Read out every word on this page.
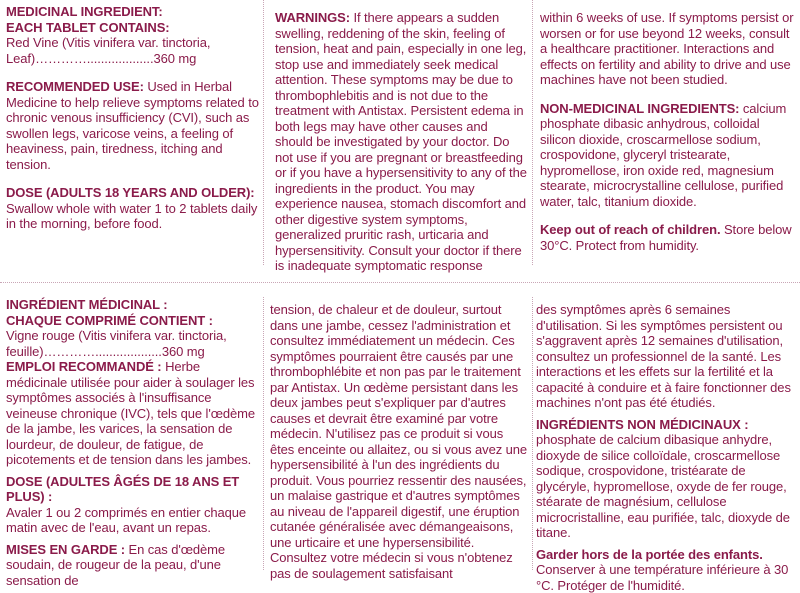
MEDICINAL INGREDIENT:

EACH TABLET CONTAINS:

Red Vine (Vitis vinifera var. tinctoria,

Leaf)…………...................360 mg

RECOMMENDED USE: Used in Herbal Medicine to help relieve symptoms related to chronic venous insufficiency (CVI), such as swollen legs, varicose veins, a feeling of heaviness, pain, tiredness, itching and tension.

DOSE (ADULTS 18 YEARS AND OLDER):

Swallow whole with water 1 to 2 tablets daily in the morning, before food.

WARNINGS: If there appears a sudden swelling, reddening of the skin, feeling of tension, heat and pain, especially in one leg, stop use and immediately seek medical attention. These symptoms may be due to thrombophlebitis and is not due to the treatment with Antistax. Persistent edema in both legs may have other causes and should be investigated by your doctor. Do not use if you are pregnant or breastfeeding or if you have a hypersensitivity to any of the ingredients in the product. You may experience nausea, stomach discomfort and other digestive system symptoms, generalized pruritic rash, urticaria and hypersensitivity. Consult your doctor if there is inadequate symptomatic response

within 6 weeks of use. If symptoms persist or worsen or for use beyond 12 weeks, consult a healthcare practitioner. Interactions and effects on fertility and ability to drive and use machines have not been studied.

NON-MEDICINAL INGREDIENTS: calcium phosphate dibasic anhydrous, colloidal silicon dioxide, croscarmellose sodium, crospovidone, glyceryl tristearate, hypromellose, iron oxide red, magnesium stearate, microcrystalline cellulose, purified water, talc, titanium dioxide.

Keep out of reach of children. Store below 30°C. Protect from humidity.

INGRÉDIENT MÉDICINAL :

CHAQUE COMPRIMÉ CONTIENT :

Vigne rouge (Vitis vinifera var. tinctoria,

feuille)…………...................360 mg

EMPLOI RECOMMANDÉ : Herbe médicinale utilisée pour aider à soulager les symptômes associés à l'insuffisance veineuse chronique (IVC), tels que l'œdème de la jambe, les varices, la sensation de lourdeur, de douleur, de fatigue, de picotements et de tension dans les jambes.

DOSE (ADULTES ÂGÉS DE 18 ANS ET PLUS) :

Avaler 1 ou 2 comprimés en entier chaque matin avec de l'eau, avant un repas.

MISES EN GARDE : En cas d'œdème soudain, de rougeur de la peau, d'une sensation de

tension, de chaleur et de douleur, surtout dans une jambe, cessez l'administration et consultez immédiatement un médecin. Ces symptômes pourraient être causés par une thrombophlébite et non pas par le traitement par Antistax. Un œdème persistant dans les deux jambes peut s'expliquer par d'autres causes et devrait être examiné par votre médecin. N'utilisez pas ce produit si vous êtes enceinte ou allaitez, ou si vous avez une hypersensibilité à l'un des ingrédients du produit. Vous pourriez ressentir des nausées, un malaise gastrique et d'autres symptômes au niveau de l'appareil digestif, une éruption cutanée généralisée avec démangeaisons, une urticaire et une hypersensibilité. Consultez votre médecin si vous n'obtenez pas de soulagement satisfaisant

des symptômes après 6 semaines d'utilisation. Si les symptômes persistent ou s'aggravent après 12 semaines d'utilisation, consultez un professionnel de la santé. Les interactions et les effets sur la fertilité et la capacité à conduire et à faire fonctionner des machines n'ont pas été étudiés.

INGRÉDIENTS NON MÉDICINAUX : phosphate de calcium dibasique anhydre, dioxyde de silice colloïdale, croscarmellose sodique, crospovidone, tristéarate de glycéryle, hypromellose, oxyde de fer rouge, stéarate de magnésium, cellulose microcristalline, eau purifiée, talc, dioxyde de titane.

Garder hors de la portée des enfants.

Conserver à une température inférieure à 30 °C. Protéger de l'humidité.
